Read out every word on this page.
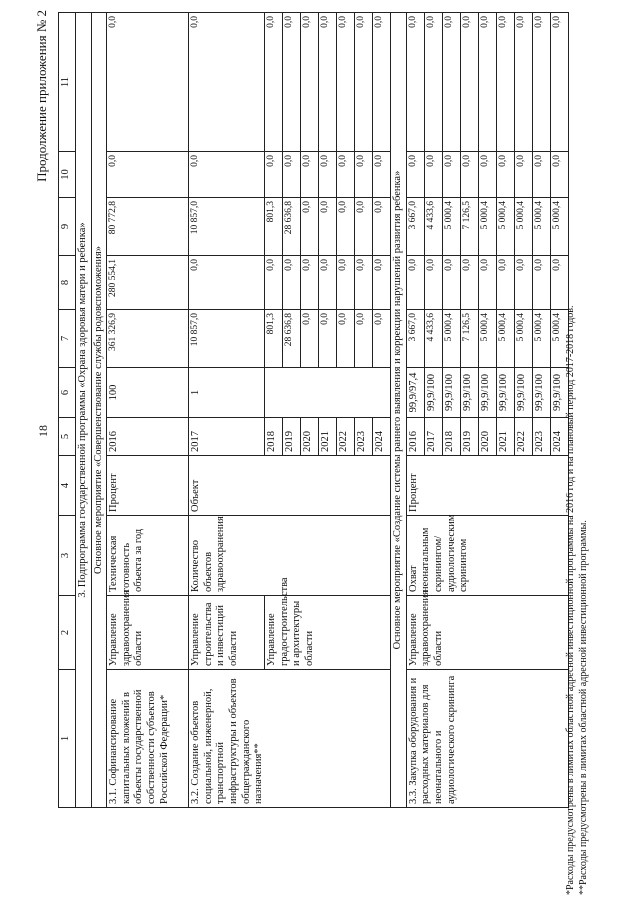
18
Продолжение приложения № 2
1	2	3	4	5	6	7	8	9	10	11
3. Подпрограмма государственной программы «Охрана здоровья матери и ребенка»										
Основное мероприятие «Совершенствование службы родовспоможения»										
3.1. Софинансирование капитальных вложений в объекты государственной собственности субъектов Российской Федерации*	Управление здравоохранения области	Техническая готовность объекта за год	Процент	2016	100	361 326,9	280 554,1	80 772,8	0,0	0,0
3.2. Создание объектов социальной, инженерной, транспортной инфраструктуры и объектов общегражданского назначения**	Управление строительства и инвестиций области	Количество объектов здравоохранения	Объект	2017	1	10 857,0	0,0	10 857,0	0,0	0,0
	Управление градостроительства и архитектуры области			2018		801,3	0,0	801,3	0,0	0,0
				2019		28 636,8	0,0	28 636,8	0,0	0,0
				2020		0,0	0,0	0,0	0,0	0,0
				2021		0,0	0,0	0,0	0,0	0,0
				2022		0,0	0,0	0,0	0,0	0,0
				2023		0,0	0,0	0,0	0,0	0,0
				2024		0,0	0,0	0,0	0,0	0,0
Основное мероприятие «Создание системы раннего выявления и коррекции нарушений развития ребенка»										
3.3. Закупка оборудования и расходных материалов для неонатального и аудиологического скрининга	Управление здравоохранения области	Охват неонатальным скринингом/ аудиологическим скринингом	Процент	2016	99,9/97,4	3 667,0	0,0	3 667,0	0,0	0,0
				2017	99,9/100	4 433,6	0,0	4 433,6	0,0	0,0
				2018	99,9/100	5 000,4	0,0	5 000,4	0,0	0,0
				2019	99,9/100	7 126,5	0,0	7 126,5	0,0	0,0
				2020	99,9/100	5 000,4	0,0	5 000,4	0,0	0,0
				2021	99,9/100	5 000,4	0,0	5 000,4	0,0	0,0
				2022	99,9/100	5 000,4	0,0	5 000,4	0,0	0,0
				2023	99,9/100	5 000,4	0,0	5 000,4	0,0	0,0
				2024	99,9/100	5 000,4	0,0	5 000,4	0,0	0,0
*Расходы предусмотрены в лимитах областной адресной инвестиционной программы на 2016 год и на плановый период 2017-2018 годов. **Расходы предусмотрены в лимитах областной адресной инвестиционной программы.
